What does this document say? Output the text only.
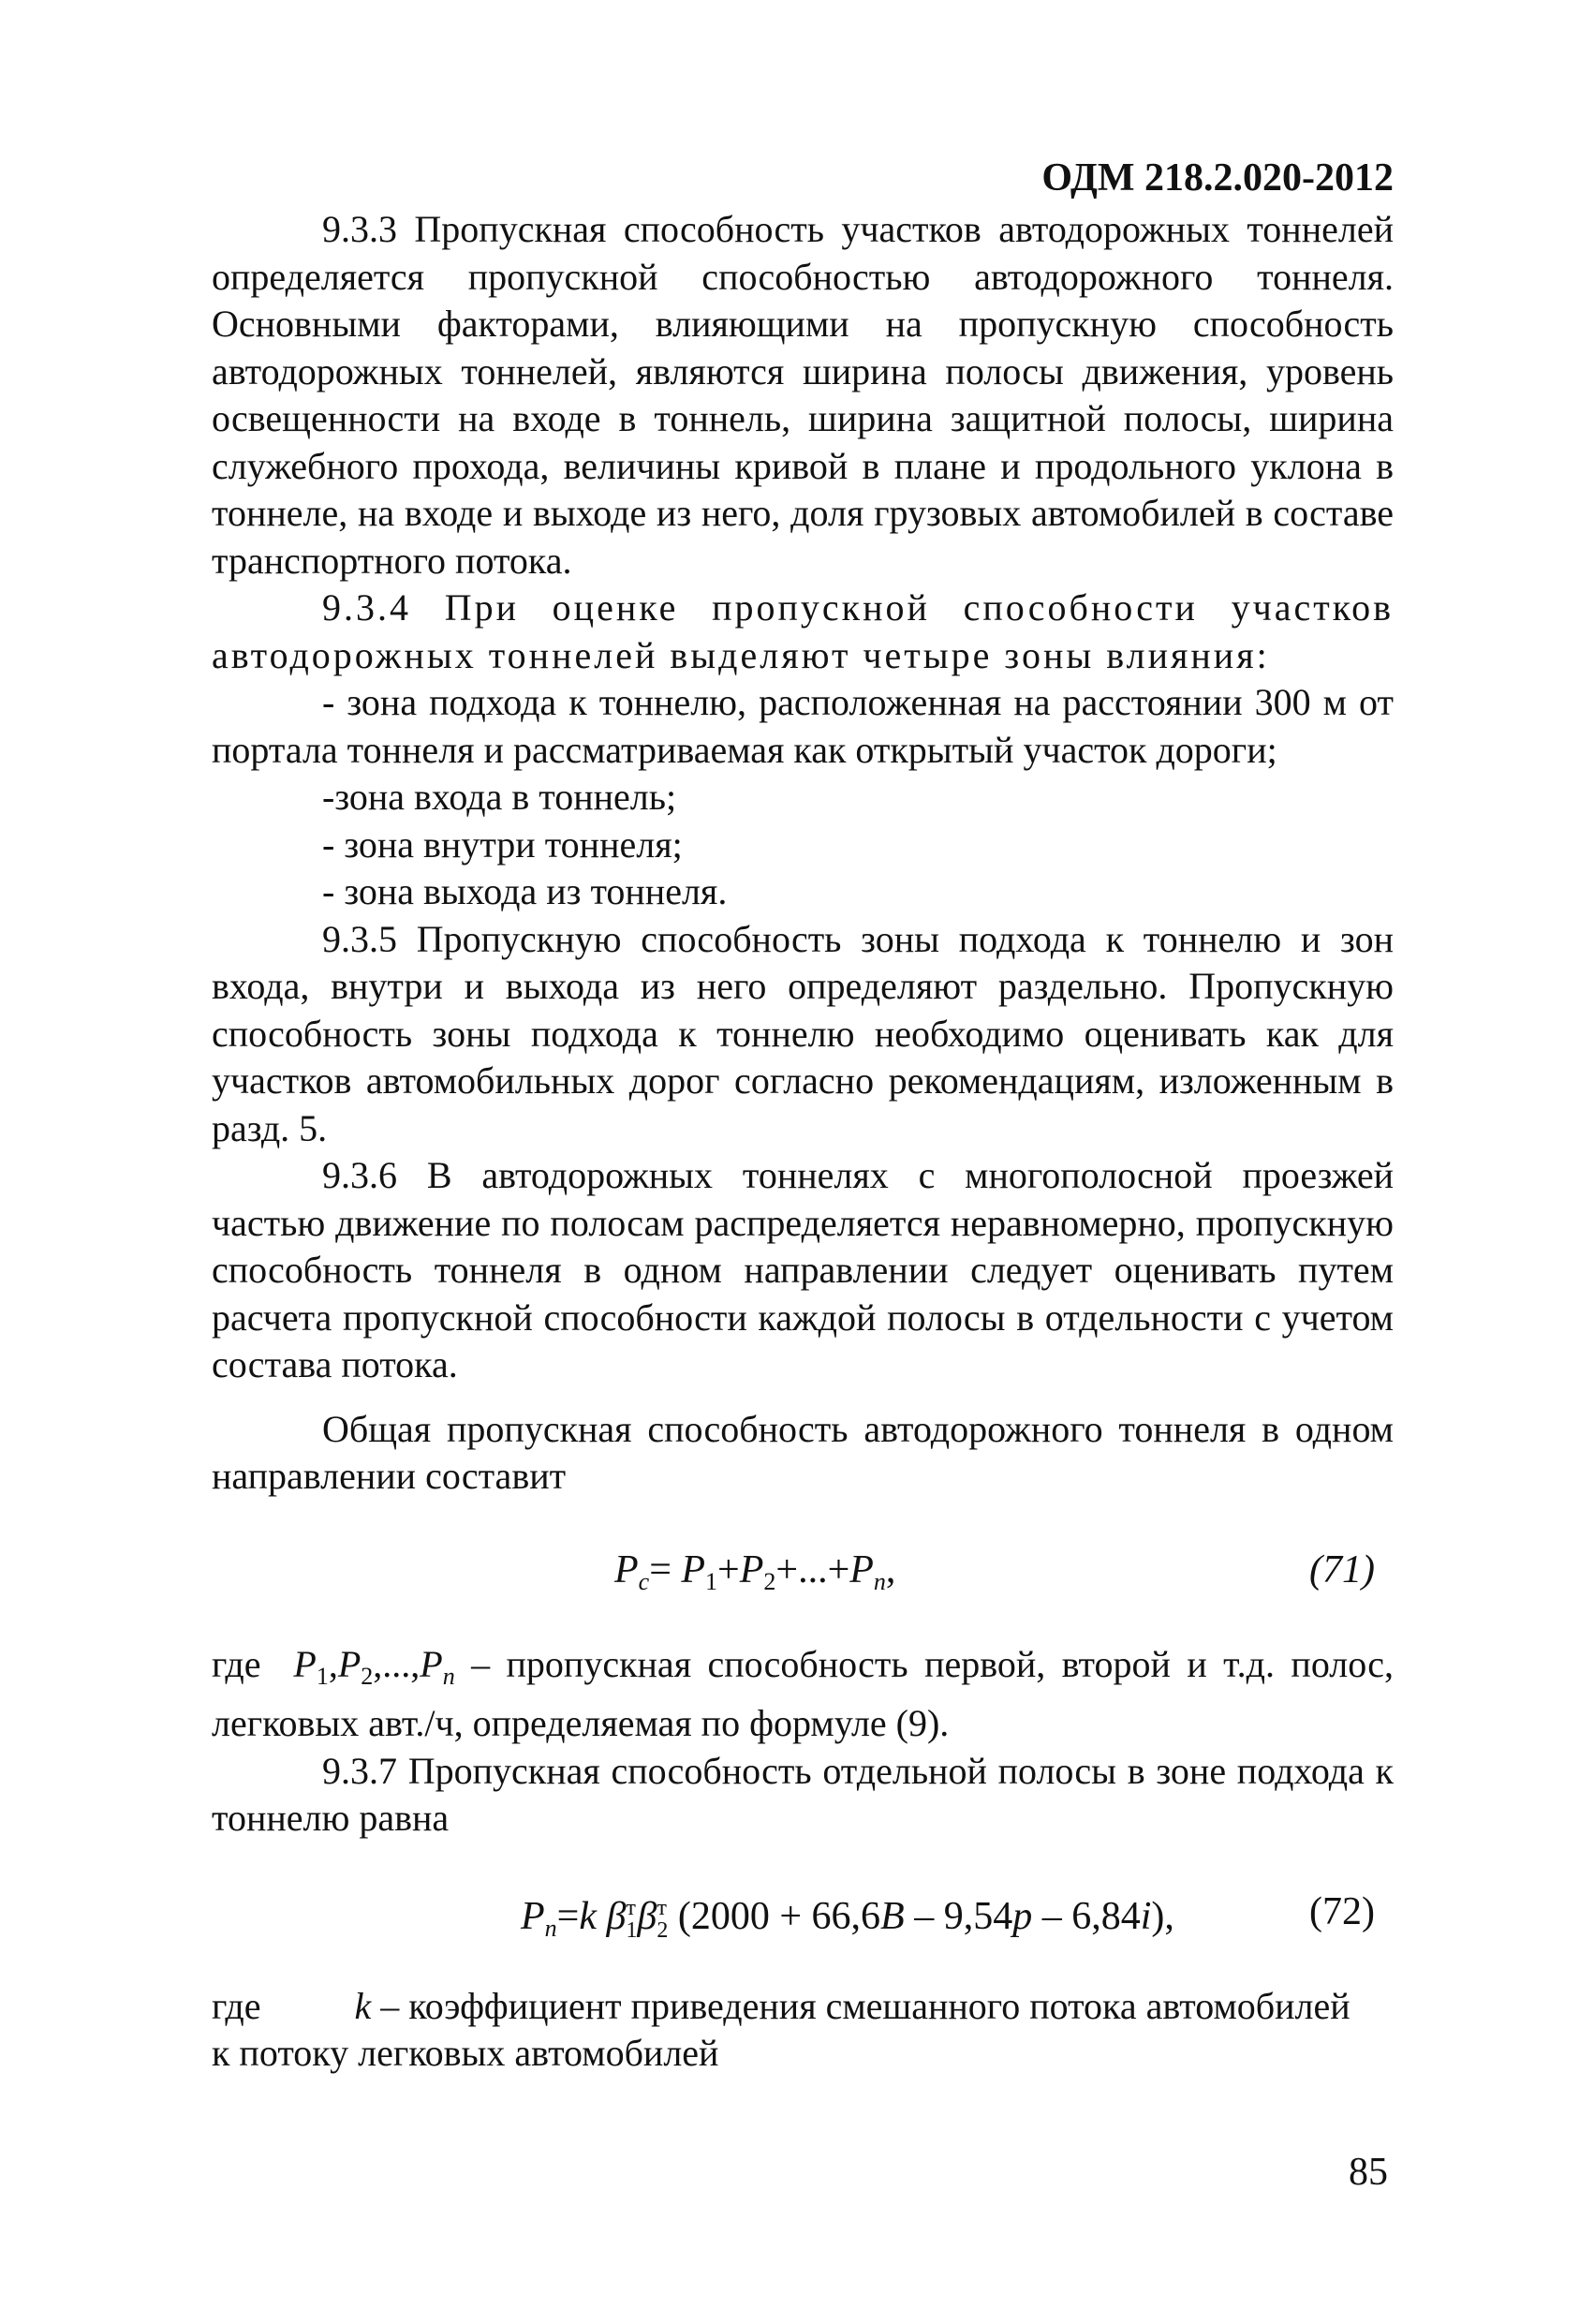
ОДМ 218.2.020-2012

9.3.3 Пропускная способность участков автодорожных тоннелей определяется пропускной способностью автодорожного тоннеля. Основными факторами, влияющими на пропускную способность автодорожных тоннелей, являются ширина полосы движения, уровень освещенности на входе в тоннель, ширина защитной полосы, ширина служебного прохода, величины кривой в плане и продольного уклона в тоннеле, на входе и выходе из него, доля грузовых автомобилей в составе транспортного потока.

9.3.4 При оценке пропускной способности участков автодорожных тоннелей выделяют четыре зоны влияния:

- зона подхода к тоннелю, расположенная на расстоянии 300 м от портала тоннеля и рассматриваемая как открытый участок дороги;

-зона входа в тоннель;

- зона внутри тоннеля;

- зона выхода из тоннеля.

9.3.5 Пропускную способность зоны подхода к тоннелю и зон входа, внутри и выхода из него определяют раздельно. Пропускную способность зоны подхода к тоннелю необходимо оценивать как для участков автомобильных дорог согласно рекомендациям, изложенным в разд. 5.

9.3.6 В автодорожных тоннелях с многополосной проезжей частью движение по полосам распределяется неравномерно, пропускную способность тоннеля в одном направлении следует оценивать путем расчета пропускной способности каждой полосы в отдельности с учетом состава потока.

Общая пропускная способность автодорожного тоннеля в одном направлении составит

$P_c= P_1+P_2+...+P_n$,	(71)

где $P_1,P_2,...,P_n$ – пропускная способность первой, второй и т.д. полос, легковых авт./ч, определяемая по формуле (9).

9.3.7 Пропускная способность отдельной полосы в зоне подхода к тоннелю равна

$P_n=k$ β т
1 β т
2 (2000 + 66,6B – 9,54p – 6,84i),	(72)

где	k – коэффициент приведения смешанного потока автомобилей

к потоку легковых автомобилей

85
